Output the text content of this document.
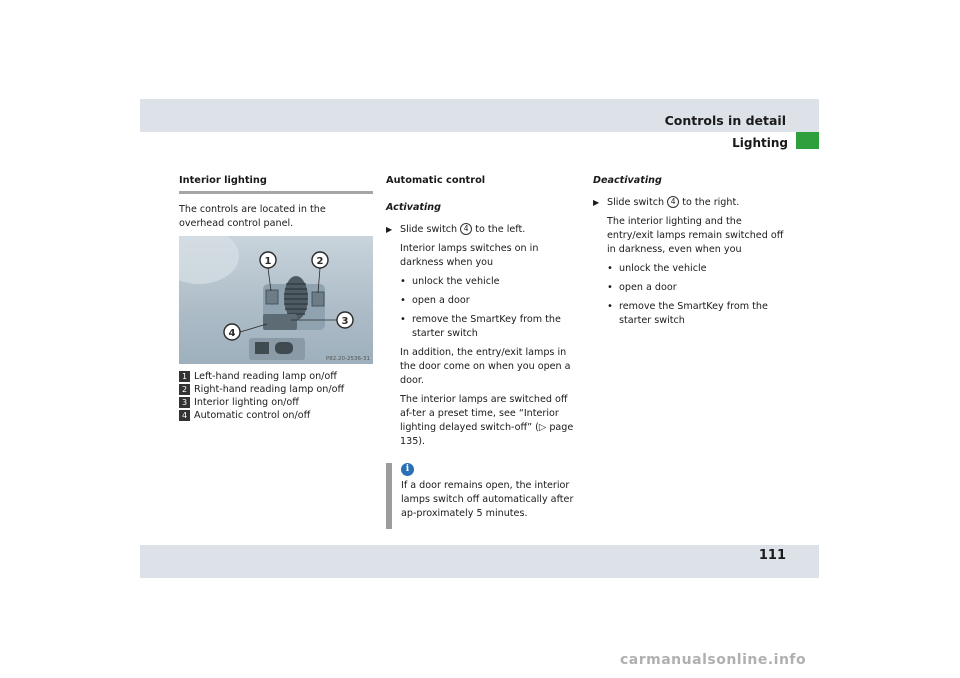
Controls in detail
Lighting
Interior lighting

The controls are located in the overhead control panel.

1	2
3
4
P82.20-2536-31
1 Left-hand reading lamp on/off
2 Right-hand reading lamp on/off
3 Interior lighting on/off
4 Automatic control on/off

Automatic control

Activating

▶ Slide switch 4 to the left.

Interior lamps switches on in darkness when you

• unlock the vehicle
• open a door
• remove the SmartKey from the starter switch

In addition, the entry/exit lamps in the door come on when you open a door.

The interior lamps are switched off af-ter a preset time, see “Interior lighting delayed switch-off” (▷ page 135).

i
If a door remains open, the interior lamps switch off automatically after ap-proximately 5 minutes.

Deactivating

▶ Slide switch 4 to the right.

The interior lighting and the entry/exit lamps remain switched off in darkness, even when you

• unlock the vehicle
• open a door
• remove the SmartKey from the starter switch
111
carmanualsonline.info
